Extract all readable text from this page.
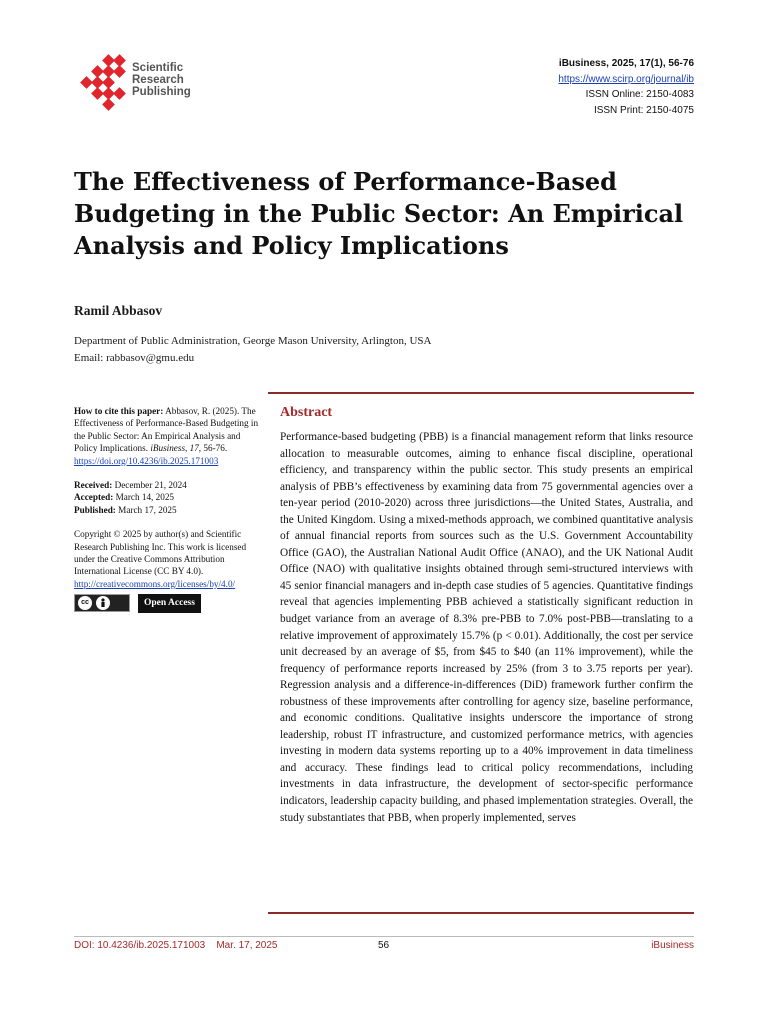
Scientific
Research
Publishing
iBusiness, 2025, 17(1), 56-76
https://www.scirp.org/journal/ib
ISSN Online: 2150-4083
ISSN Print: 2150-4075
The Effectiveness of Performance-Based Budgeting in the Public Sector: An Empirical Analysis and Policy Implications
Ramil Abbasov
Department of Public Administration, George Mason University, Arlington, USA
Email: rabbasov@gmu.edu
How to cite this paper: Abbasov, R. (2025). The Effectiveness of Performance-Based Budgeting in the Public Sector: An Empirical Analysis and Policy Implications. iBusiness, 17, 56-76.
https://doi.org/10.4236/ib.2025.171003
Received: December 21, 2024
Accepted: March 14, 2025
Published: March 17, 2025
Copyright © 2025 by author(s) and Scientific Research Publishing Inc. This work is licensed under the Creative Commons Attribution International License (CC BY 4.0).
http://creativecommons.org/licenses/by/4.0/
cc	Open Access
Abstract

Performance-based budgeting (PBB) is a financial management reform that links resource allocation to measurable outcomes, aiming to enhance fiscal discipline, operational efficiency, and transparency within the public sector. This study presents an empirical analysis of PBB’s effectiveness by examining data from 75 governmental agencies over a ten-year period (2010-2020) across three jurisdictions—the United States, Australia, and the United Kingdom. Using a mixed-methods approach, we combined quantitative analysis of annual financial reports from sources such as the U.S. Government Accountability Office (GAO), the Australian National Audit Office (ANAO), and the UK National Audit Office (NAO) with qualitative insights obtained through semi-structured interviews with 45 senior financial managers and in-depth case studies of 5 agencies. Quantitative findings reveal that agencies implementing PBB achieved a statistically significant reduction in budget variance from an average of 8.3% pre-PBB to 7.0% post-PBB—translating to a relative improvement of approximately 15.7% (p < 0.01). Additionally, the cost per service unit decreased by an average of $5, from $45 to $40 (an 11% improvement), while the frequency of performance reports increased by 25% (from 3 to 3.75 reports per year). Regression analysis and a difference-in-differences (DiD) framework further confirm the robustness of these improvements after controlling for agency size, baseline performance, and economic conditions. Qualitative insights underscore the importance of strong leadership, robust IT infrastructure, and customized performance metrics, with agencies investing in modern data systems reporting up to a 40% improvement in data timeliness and accuracy. These findings lead to critical policy recommendations, including investments in data infrastructure, the development of sector-specific performance indicators, leadership capacity building, and phased implementation strategies. Overall, the study substantiates that PBB, when properly implemented, serves

DOI: 10.4236/ib.2025.171003 Mar. 17, 2025	56	iBusiness
